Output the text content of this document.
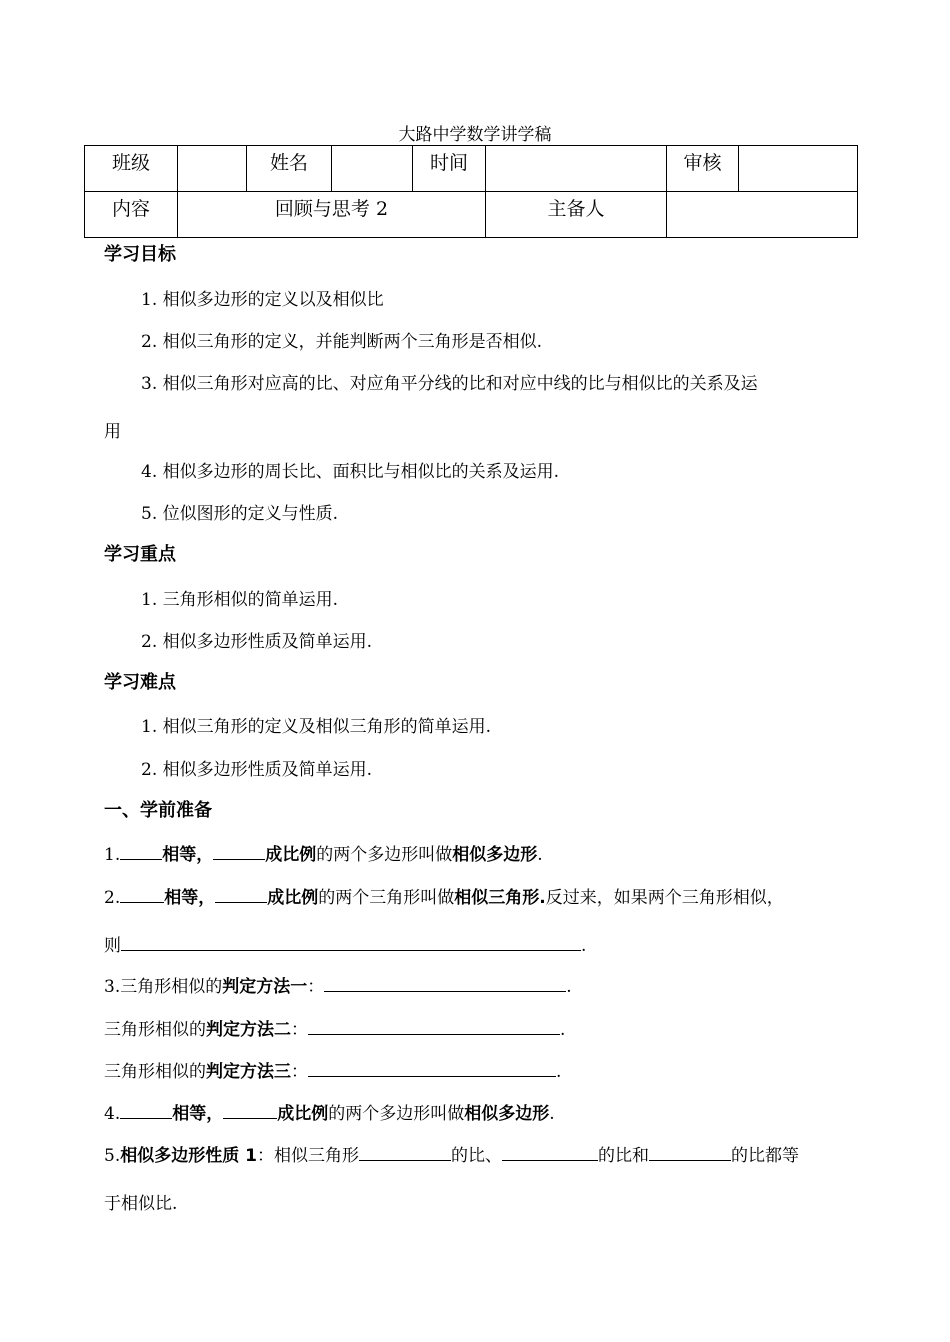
大路中学数学讲学稿
班级		姓名		时间		审核	
内容	回顾与思考 2				主备人		
学习目标
1. 相似多边形的定义以及相似比
2. 相似三角形的定义，并能判断两个三角形是否相似.
3. 相似三角形对应高的比、对应角平分线的比和对应中线的比与相似比的关系及运
用
4. 相似多边形的周长比、面积比与相似比的关系及运用.
5. 位似图形的定义与性质.
学习重点
1. 三角形相似的简单运用.
2. 相似多边形性质及简单运用.
学习难点
1. 相似三角形的定义及相似三角形的简单运用.
2. 相似多边形性质及简单运用.
一、学前准备
1. 相等，	成比例的两个多边形叫做相似多边形.
2.	相等，	成比例的两个三角形叫做相似三角形.反过来，如果两个三角形相似，
则	.
3.三角形相似的判定方法一：	.
三角形相似的判定方法二：	.
三角形相似的判定方法三：	.
4.	相等，	成比例的两个多边形叫做相似多边形.
5.相似多边形性质 1：相似三角形	的比、	的比和	的比都等
于相似比.
